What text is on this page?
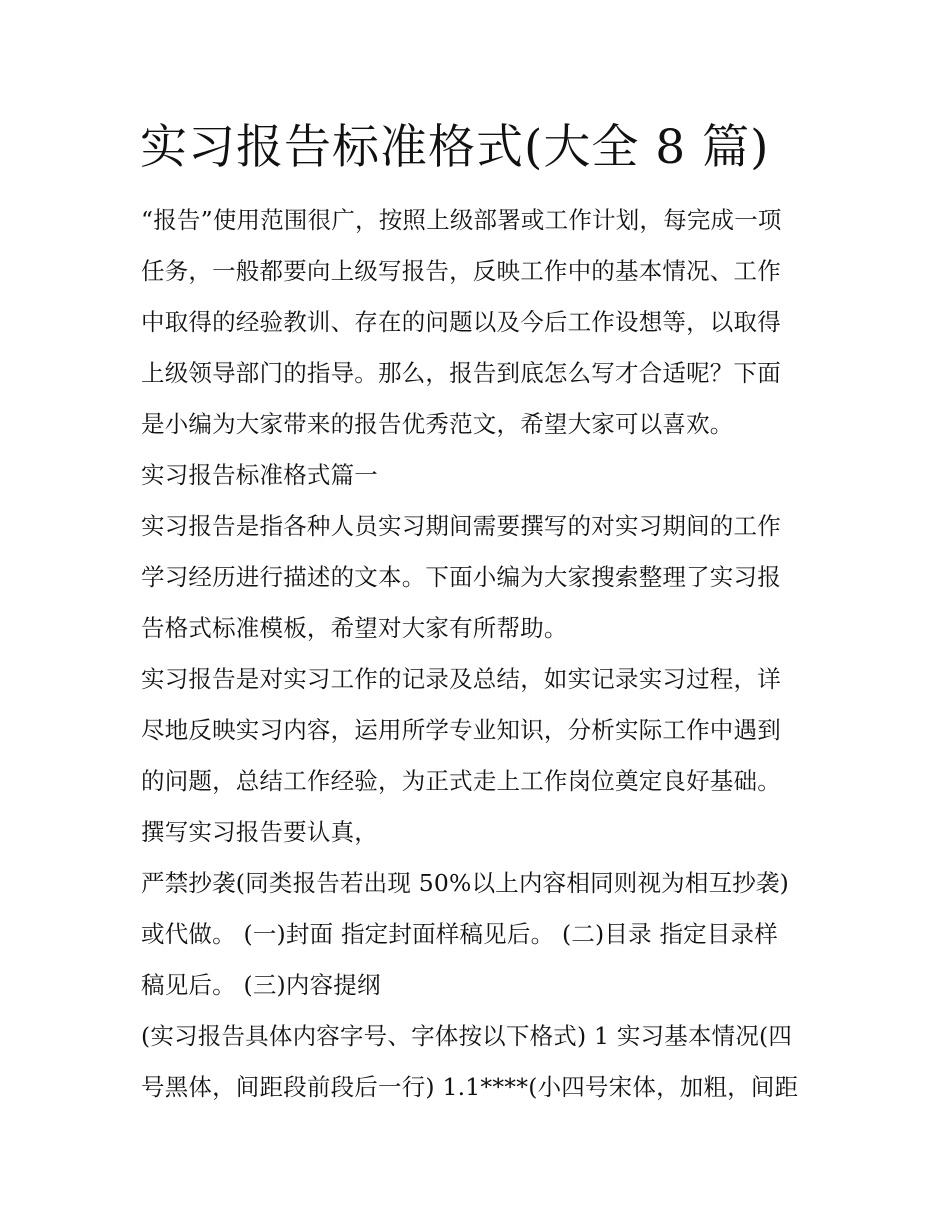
实习报告标准格式(大全 8 篇)
“报告”使用范围很广，按照上级部署或工作计划，每完成一项
任务，一般都要向上级写报告，反映工作中的基本情况、工作
中取得的经验教训、存在的问题以及今后工作设想等，以取得
上级领导部门的指导。那么，报告到底怎么写才合适呢？下面
是小编为大家带来的报告优秀范文，希望大家可以喜欢。
实习报告标准格式篇一
实习报告是指各种人员实习期间需要撰写的对实习期间的工作
学习经历进行描述的文本。下面小编为大家搜索整理了实习报
告格式标准模板，希望对大家有所帮助。
实习报告是对实习工作的记录及总结，如实记录实习过程，详
尽地反映实习内容，运用所学专业知识，分析实际工作中遇到
的问题，总结工作经验，为正式走上工作岗位奠定良好基础。
撰写实习报告要认真，
严禁抄袭(同类报告若出现 50%以上内容相同则视为相互抄袭)
或代做。 (一)封面 指定封面样稿见后。 (二)目录 指定目录样
稿见后。 (三)内容提纲
(实习报告具体内容字号、字体按以下格式) 1 实习基本情况(四
号黑体，间距段前段后一行) 1.1****(小四号宋体，加粗，间距
